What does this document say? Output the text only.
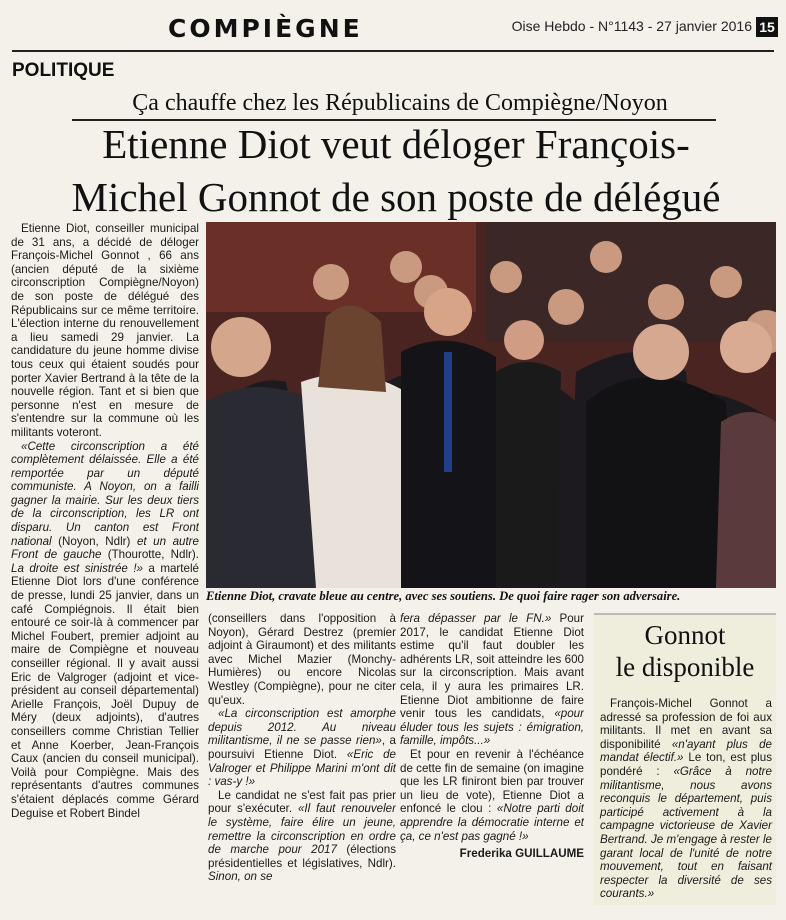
COMPIÈGNE	Oise Hebdo - N°1143 - 27 janvier 2016 15
POLITIQUE
Ça chauffe chez les Républicains de Compiègne/Noyon
Etienne Diot veut déloger François-
Michel Gonnot de son poste de délégué

Etienne Diot, conseiller municipal de 31 ans, a décidé de déloger François-Michel Gonnot , 66 ans (ancien député de la sixième circonscription Compiègne/Noyon) de son poste de délégué des Républicains sur ce même territoire. L'élection interne du renouvellement a lieu samedi 29 janvier. La candidature du jeune homme divise tous ceux qui étaient soudés pour porter Xavier Bertrand à la tête de la nouvelle région. Tant et si bien que personne n'est en mesure de s'entendre sur la commune où les militants voteront.

«Cette circonscription a été complètement délaissée. Elle a été remportée par un député communiste. A Noyon, on a failli gagner la mairie. Sur les deux tiers de la circonscription, les LR ont disparu. Un canton est Front national (Noyon, Ndlr) et un autre Front de gauche (Thourotte, Ndlr). La droite est sinistrée !» a martelé Etienne Diot lors d'une conférence de presse, lundi 25 janvier, dans un café Compiégnois. Il était bien entouré ce soir-là à commencer par Michel Foubert, premier adjoint au maire de Compiègne et nouveau conseiller régional. Il y avait aussi Eric de Valgroger (adjoint et vice-président au conseil départemental) Arielle François, Joël Dupuy de Méry (deux adjoints), d'autres conseillers comme Christian Tellier et Anne Koerber, Jean-François Caux (ancien du conseil municipal). Voilà pour Compiègne. Mais des représentants d'autres communes s'étaient déplacés comme Gérard Deguise et Robert Bindel

Etienne Diot, cravate bleue au centre, avec ses soutiens. De quoi faire rager son adversaire.

(conseillers dans l'opposition à Noyon), Gérard Destrez (premier adjoint à Giraumont) et des militants avec Michel Mazier (Monchy-Humières) ou encore Nicolas Westley (Compiègne), pour ne citer qu'eux.

«La circonscription est amorphe depuis 2012. Au niveau militantisme, il ne se passe rien», a poursuivi Etienne Diot. «Eric de Valroger et Philippe Marini m'ont dit : vas-y !»

Le candidat ne s'est fait pas prier pour s'exécuter. «Il faut renouveler le système, faire élire un jeune, remettre la circonscription en ordre de marche pour 2017 (élections présidentielles et législatives, Ndlr). Sinon, on se

fera dépasser par le FN.» Pour 2017, le candidat Etienne Diot estime qu'il faut doubler les adhérents LR, soit atteindre les 600 sur la circonscription. Mais avant cela, il y aura les primaires LR. Etienne Diot ambitionne de faire venir tous les candidats, «pour éluder tous les sujets : émigration, famille, impôts...»

Et pour en revenir à l'échéance de cette fin de semaine (on imagine que les LR finiront bien par trouver un lieu de vote), Etienne Diot a enfoncé le clou : «Notre parti doit apprendre la démocratie interne et ça, ce n'est pas gagné !»

Frederika GUILLAUME
Gonnot
le disponible

François-Michel Gonnot a adressé sa profession de foi aux militants. Il met en avant sa disponibilité «n'ayant plus de mandat électif.» Le ton, est plus pondéré : «Grâce à notre militantisme, nous avons reconquis le département, puis participé activement à la campagne victorieuse de Xavier Bertrand. Je m'engage à rester le garant local de l'unité de notre mouvement, tout en faisant respecter la diversité de ses courants.»
